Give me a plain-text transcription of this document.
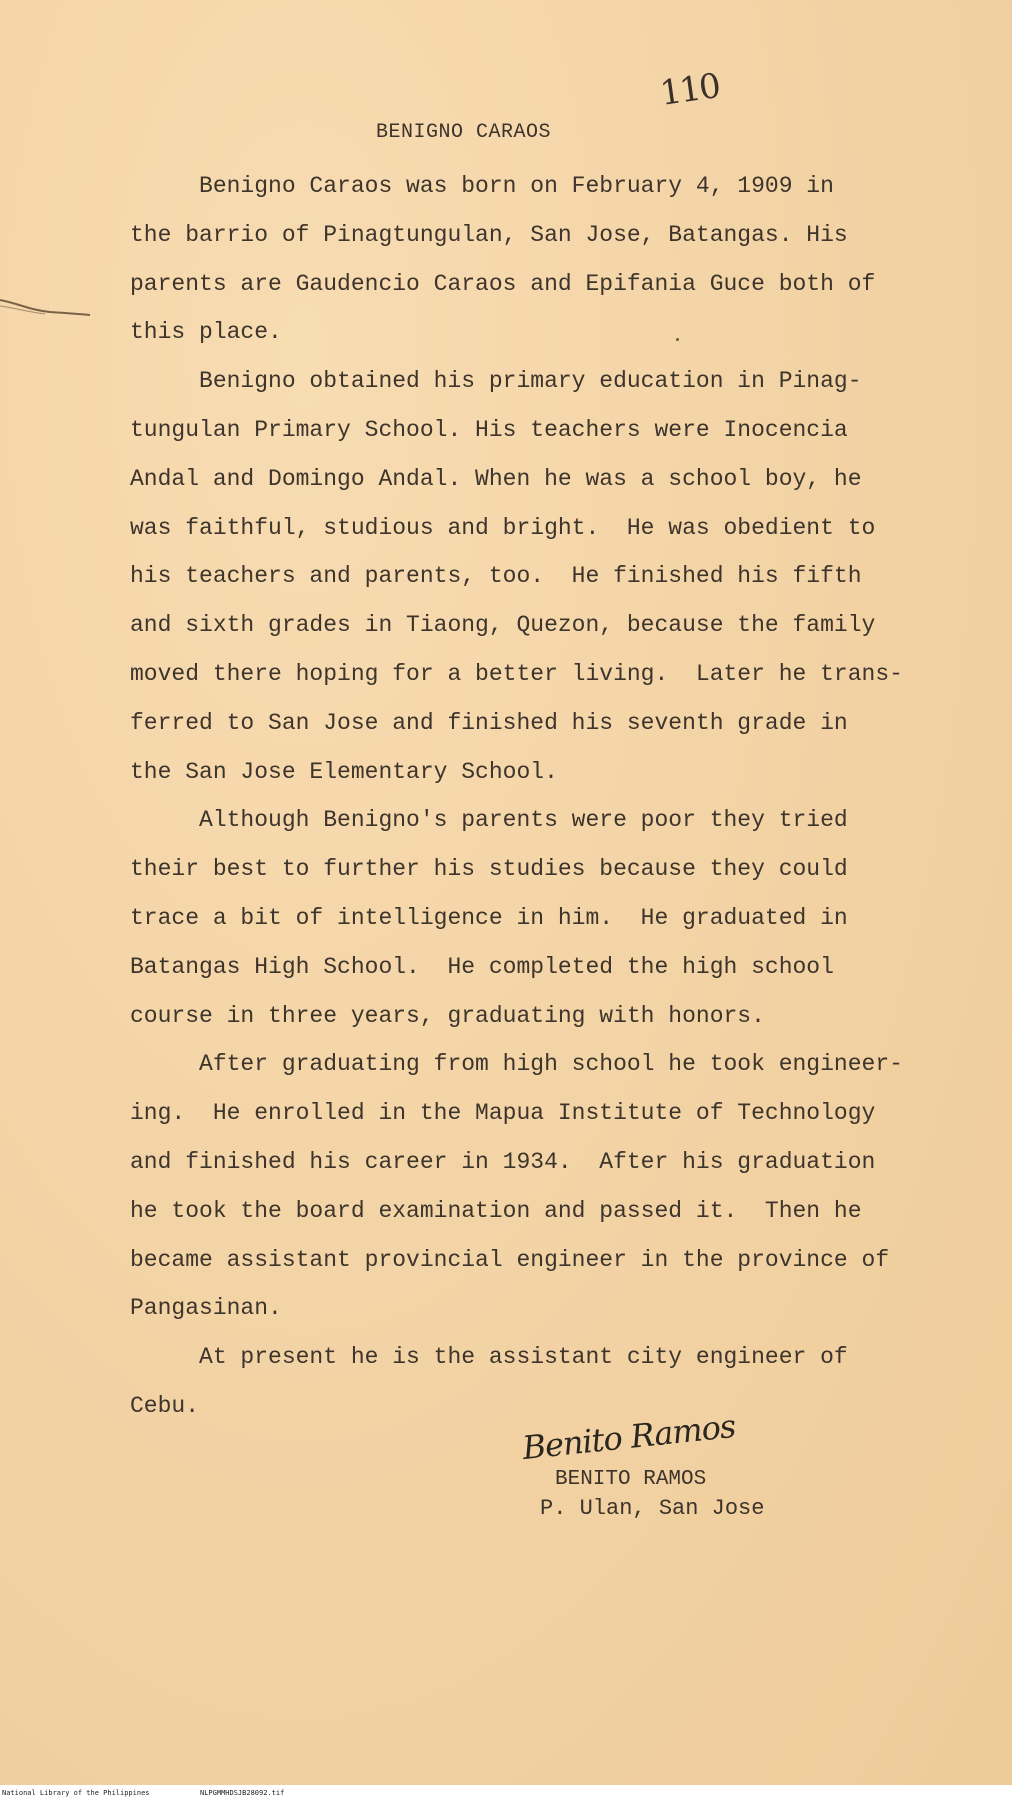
110
BENIGNO CARAOS
Benigno Caraos was born on February 4, 1909 in
the barrio of Pinagtungulan, San Jose, Batangas. His
parents are Gaudencio Caraos and Epifania Guce both of
this place.
Benigno obtained his primary education in Pinag-
tungulan Primary School. His teachers were Inocencia
Andal and Domingo Andal. When he was a school boy, he
was faithful, studious and bright.  He was obedient to
his teachers and parents, too.  He finished his fifth
and sixth grades in Tiaong, Quezon, because the family
moved there hoping for a better living.  Later he trans-
ferred to San Jose and finished his seventh grade in
the San Jose Elementary School.
Although Benigno's parents were poor they tried
their best to further his studies because they could
trace a bit of intelligence in him.  He graduated in
Batangas High School.  He completed the high school
course in three years, graduating with honors.
After graduating from high school he took engineer-
ing.  He enrolled in the Mapua Institute of Technology
and finished his career in 1934.  After his graduation
he took the board examination and passed it.  Then he
became assistant provincial engineer in the province of
Pangasinan.
At present he is the assistant city engineer of
Cebu.
Benito Ramos
BENITO RAMOS
P. Ulan, San Jose
National Library of the Philippines	NLPGMMHDSJB28092.tif
